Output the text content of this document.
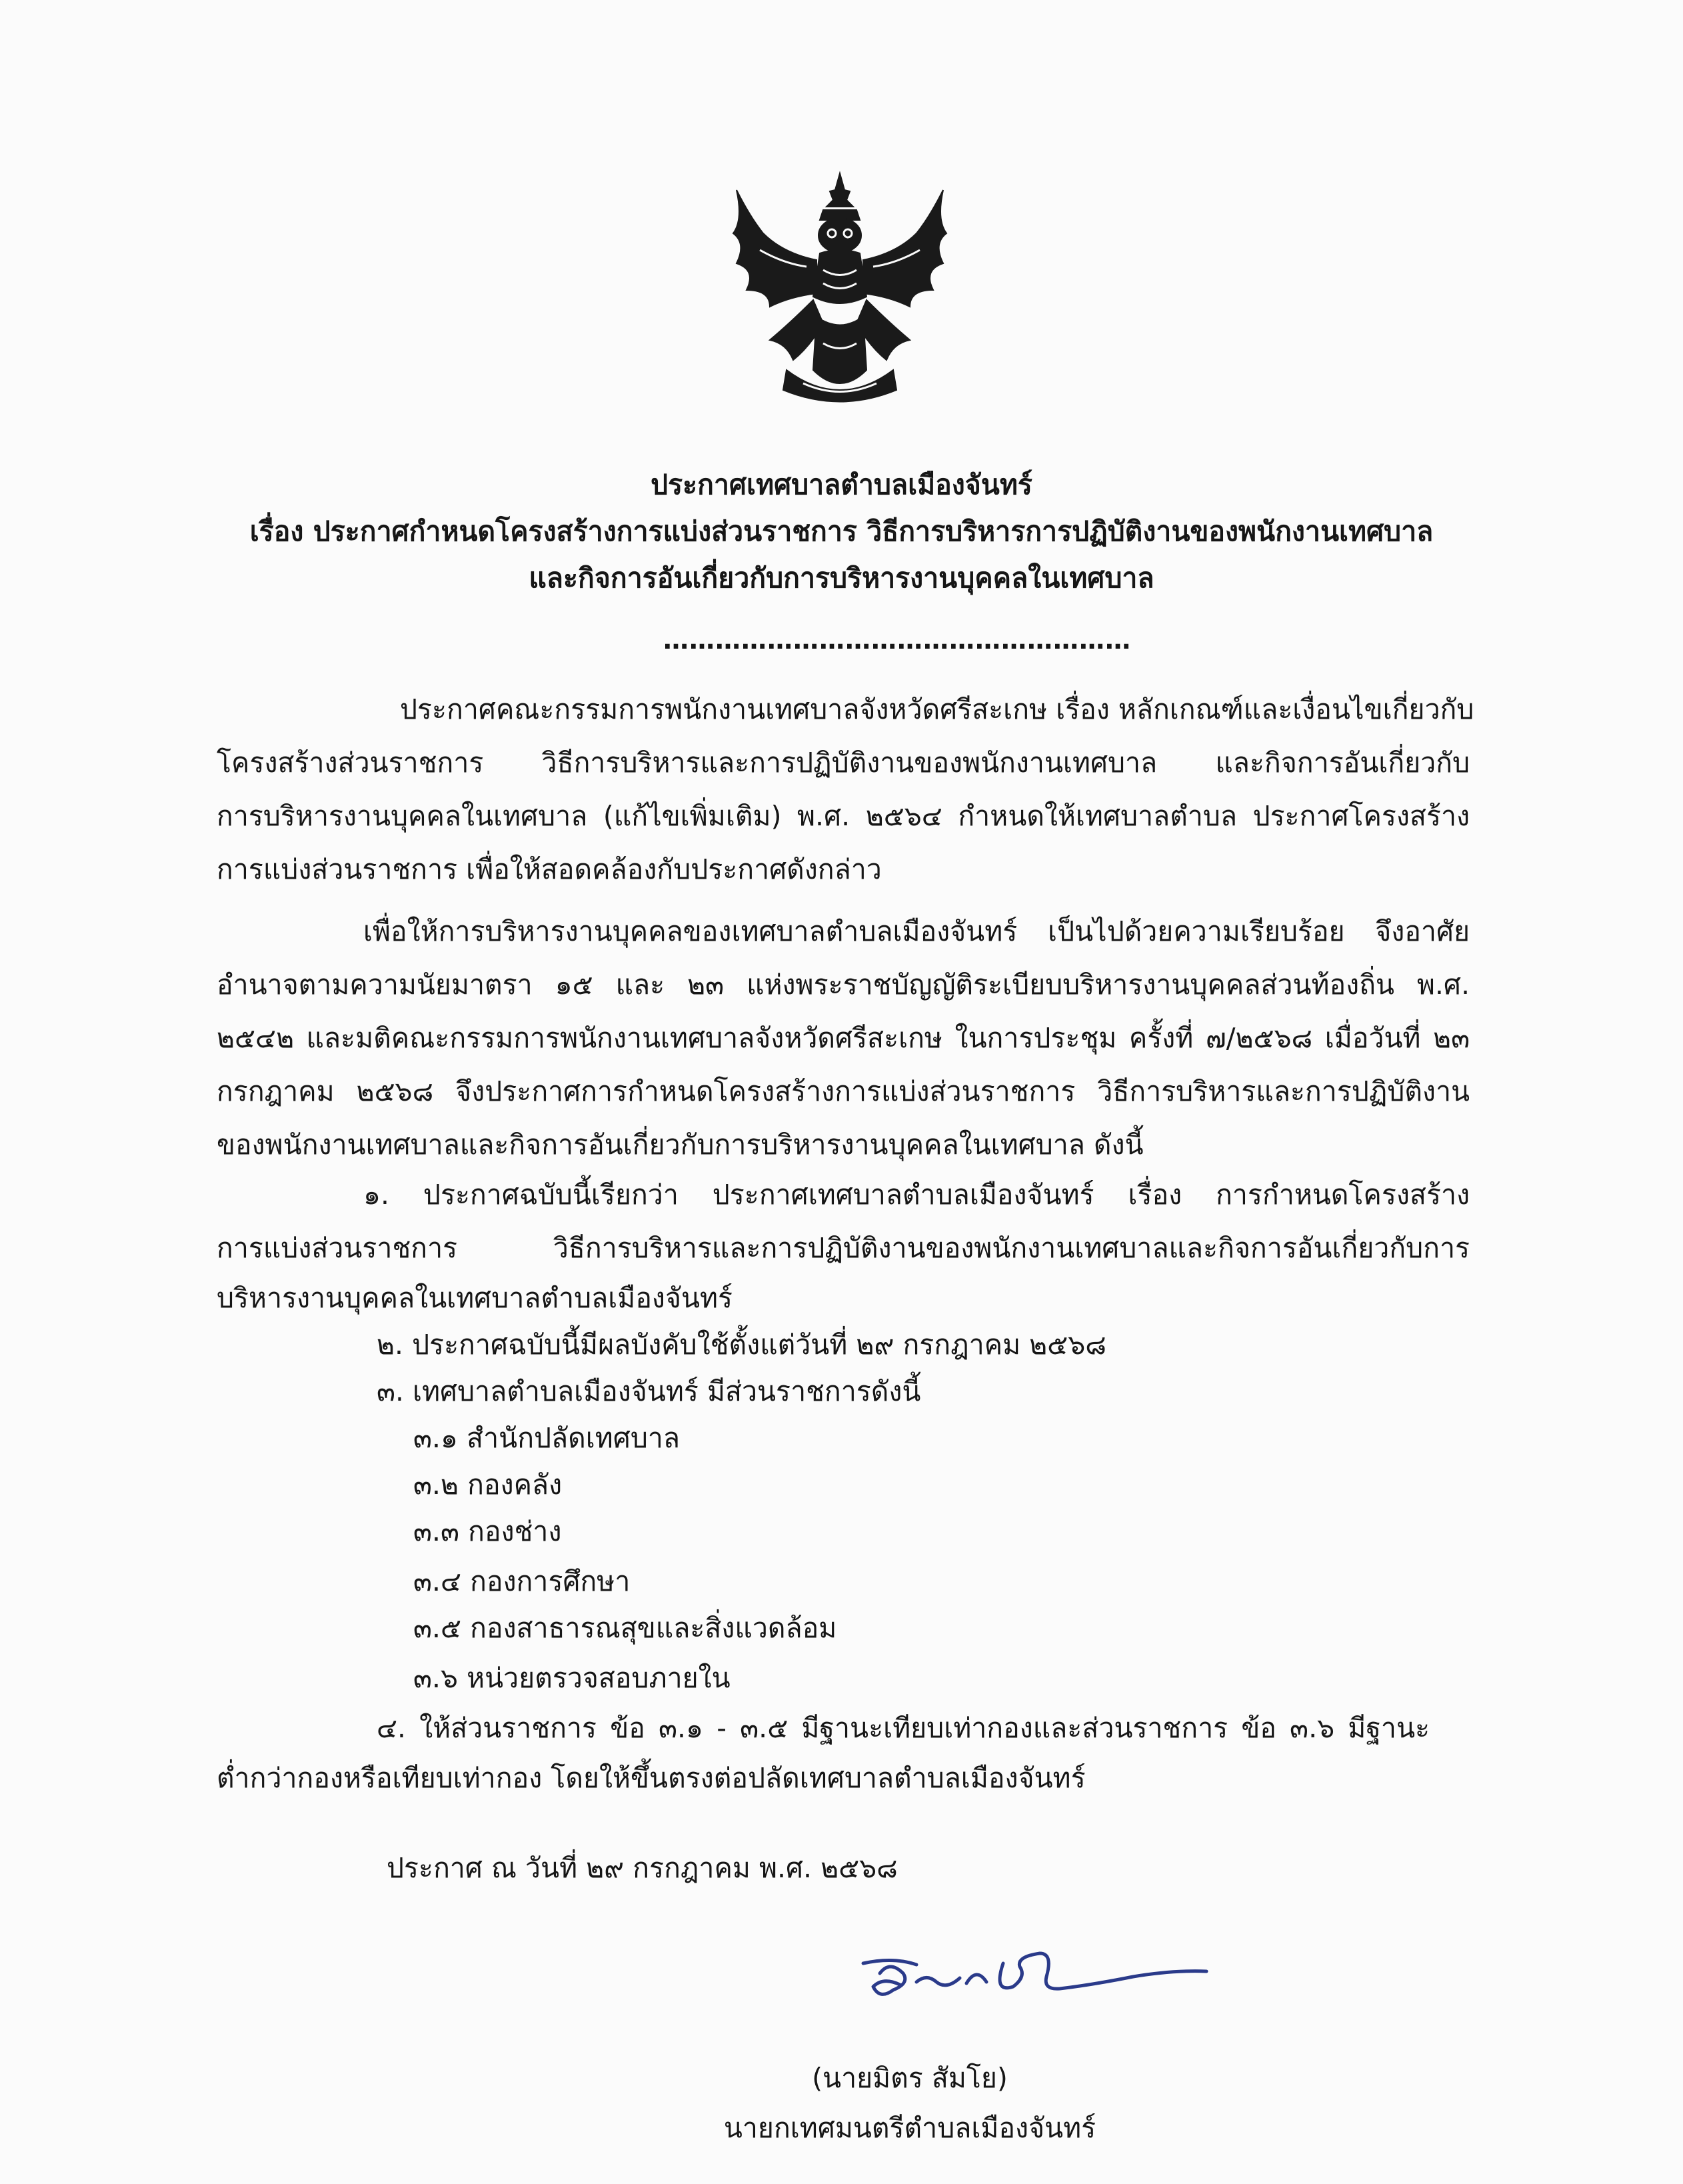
ประกาศเทศบาลตำบลเมืองจันทร์
เรื่อง ประกาศกำหนดโครงสร้างการแบ่งส่วนราชการ วิธีการบริหารการปฏิบัติงานของพนักงานเทศบาล
และกิจการอันเกี่ยวกับการบริหารงานบุคคลในเทศบาล
………………………………………………
ประกาศคณะกรรมการพนักงานเทศบาลจังหวัดศรีสะเกษ เรื่อง หลักเกณฑ์และเงื่อนไขเกี่ยวกับ
โครงสร้างส่วนราชการ วิธีการบริหารและการปฏิบัติงานของพนักงานเทศบาล และกิจการอันเกี่ยวกับ
การบริหารงานบุคคลในเทศบาล (แก้ไขเพิ่มเติม) พ.ศ. ๒๕๖๔ กำหนดให้เทศบาลตำบล ประกาศโครงสร้าง
การแบ่งส่วนราชการ เพื่อให้สอดคล้องกับประกาศดังกล่าว
เพื่อให้การบริหารงานบุคคลของเทศบาลตำบลเมืองจันทร์ เป็นไปด้วยความเรียบร้อย จึงอาศัย
อำนาจตามความนัยมาตรา ๑๕ และ ๒๓ แห่งพระราชบัญญัติระเบียบบริหารงานบุคคลส่วนท้องถิ่น พ.ศ.
๒๕๔๒ และมติคณะกรรมการพนักงานเทศบาลจังหวัดศรีสะเกษ ในการประชุม ครั้งที่ ๗/๒๕๖๘ เมื่อวันที่ ๒๓
กรกฎาคม ๒๕๖๘ จึงประกาศการกำหนดโครงสร้างการแบ่งส่วนราชการ วิธีการบริหารและการปฏิบัติงาน
ของพนักงานเทศบาลและกิจการอันเกี่ยวกับการบริหารงานบุคคลในเทศบาล ดังนี้
๑. ประกาศฉบับนี้เรียกว่า ประกาศเทศบาลตำบลเมืองจันทร์ เรื่อง การกำหนดโครงสร้าง
การแบ่งส่วนราชการ วิธีการบริหารและการปฏิบัติงานของพนักงานเทศบาลและกิจการอันเกี่ยวกับการ
บริหารงานบุคคลในเทศบาลตำบลเมืองจันทร์
๒. ประกาศฉบับนี้มีผลบังคับใช้ตั้งแต่วันที่ ๒๙ กรกฎาคม ๒๕๖๘
๓. เทศบาลตำบลเมืองจันทร์ มีส่วนราชการดังนี้
๓.๑ สำนักปลัดเทศบาล
๓.๒ กองคลัง
๓.๓ กองช่าง
๓.๔ กองการศึกษา
๓.๕ กองสาธารณสุขและสิ่งแวดล้อม
๓.๖ หน่วยตรวจสอบภายใน
๔. ให้ส่วนราชการ ข้อ ๓.๑ - ๓.๕ มีฐานะเทียบเท่ากองและส่วนราชการ ข้อ ๓.๖ มีฐานะ
ต่ำกว่ากองหรือเทียบเท่ากอง โดยให้ขึ้นตรงต่อปลัดเทศบาลตำบลเมืองจันทร์
ประกาศ ณ วันที่ ๒๙ กรกฎาคม พ.ศ. ๒๕๖๘
(นายมิตร สัมโย)
นายกเทศมนตรีตำบลเมืองจันทร์
